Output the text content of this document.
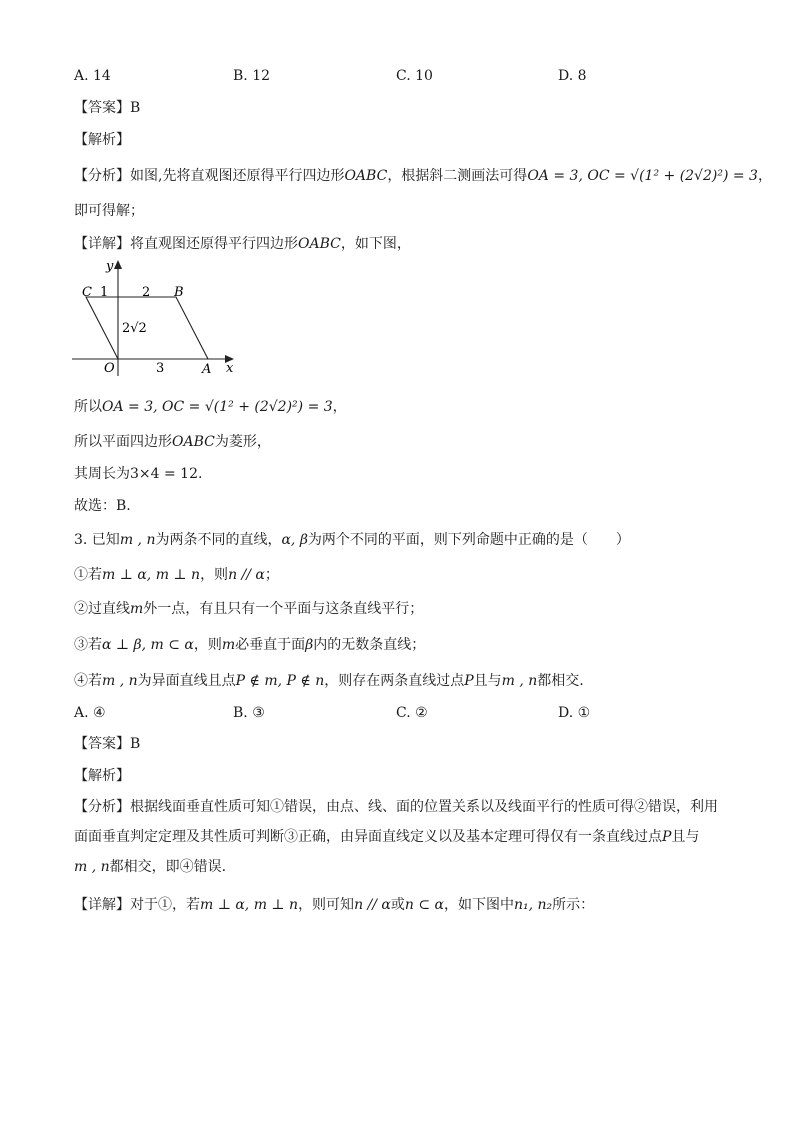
A. 14	B. 12	C. 10	D. 8
【答案】B
【解析】
【分析】如图,先将直观图还原得平行四边形OABC，根据斜二测画法可得OA = 3, OC = √(1² + (2√2)²) = 3，
即可得解；
【详解】将直观图还原得平行四边形OABC，如下图，
y
x
C	B
O	A
1	2
3
2√2
所以OA = 3, OC = √(1² + (2√2)²) = 3，
所以平面四边形OABC为菱形，
其周长为3×4 = 12.
故选：B.
3. 已知m , n为两条不同的直线，α, β为两个不同的平面，则下列命题中正确的是（　　）
①若m ⊥ α, m ⊥ n，则n // α；
②过直线m外一点，有且只有一个平面与这条直线平行；
③若α ⊥ β, m ⊂ α，则m必垂直于面β内的无数条直线；
④若m , n为异面直线且点P ∉ m, P ∉ n，则存在两条直线过点P且与m , n都相交.
A. ④	B. ③	C. ②	D. ①
【答案】B
【解析】
【分析】根据线面垂直性质可知①错误，由点、线、面的位置关系以及线面平行的性质可得②错误，利用
面面垂直判定定理及其性质可判断③正确，由异面直线定义以及基本定理可得仅有一条直线过点P且与
m , n都相交，即④错误.
【详解】对于①，若m ⊥ α, m ⊥ n，则可知n // α或n ⊂ α，如下图中n₁, n₂所示：
